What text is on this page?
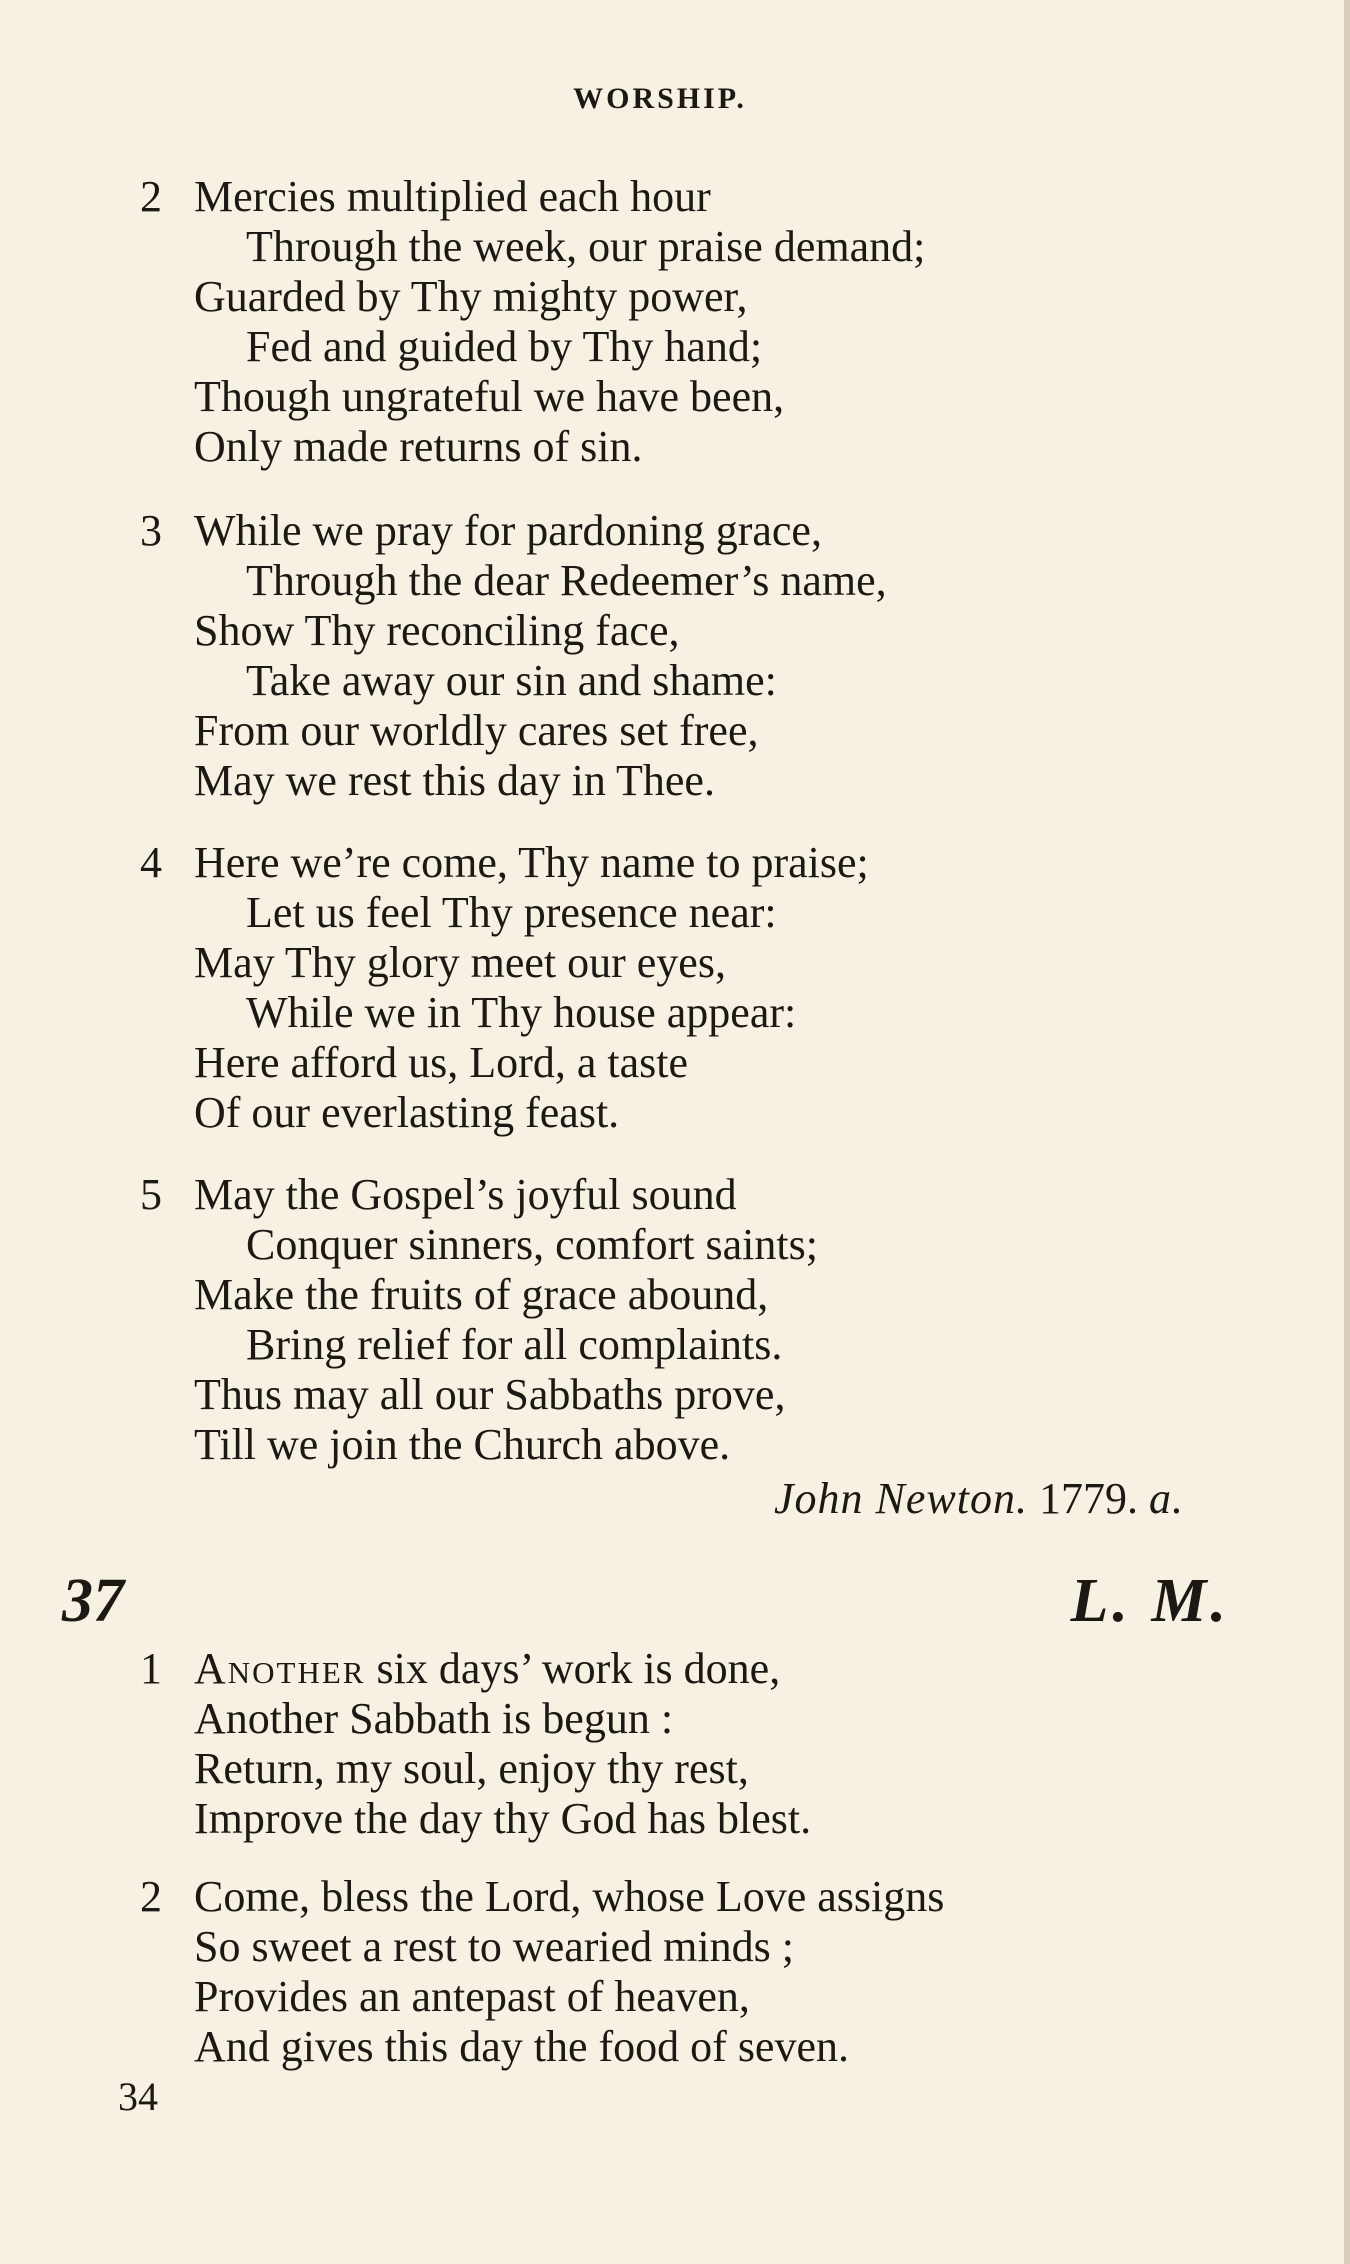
WORSHIP.
2 Mercies multiplied each hour
Through the week, our praise demand;
Guarded by Thy mighty power,
Fed and guided by Thy hand;
Though ungrateful we have been,
Only made returns of sin.
3 While we pray for pardoning grace,
Through the dear Redeemer’s name,
Show Thy reconciling face,
Take away our sin and shame:
From our worldly cares set free,
May we rest this day in Thee.
4 Here we’re come, Thy name to praise;
Let us feel Thy presence near:
May Thy glory meet our eyes,
While we in Thy house appear:
Here afford us, Lord, a taste
Of our everlasting feast.
5 May the Gospel’s joyful sound
Conquer sinners, comfort saints;
Make the fruits of grace abound,
Bring relief for all complaints.
Thus may all our Sabbaths prove,
Till we join the Church above.
John Newton. 1779. a.
37	L. M.
1 Another six days’ work is done,
Another Sabbath is begun :
Return, my soul, enjoy thy rest,
Improve the day thy God has blest.
2 Come, bless the Lord, whose Love assigns
So sweet a rest to wearied minds ;
Provides an antepast of heaven,
And gives this day the food of seven.
34
